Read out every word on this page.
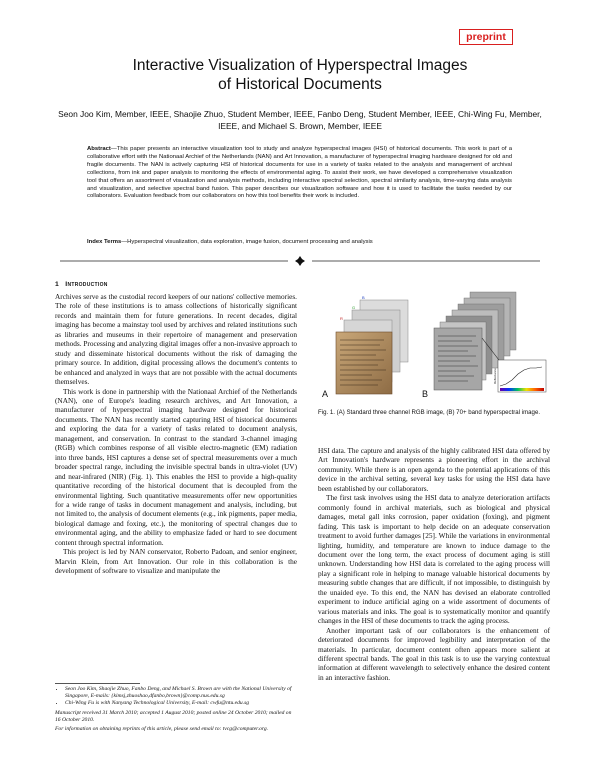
preprint
Interactive Visualization of Hyperspectral Images
of Historical Documents
Seon Joo Kim, Member, IEEE, Shaojie Zhuo, Student Member, IEEE, Fanbo Deng, Student Member, IEEE, Chi-Wing Fu, Member, IEEE, and Michael S. Brown, Member, IEEE
Abstract—This paper presents an interactive visualization tool to study and analyze hyperspectral images (HSI) of historical documents. This work is part of a collaborative effort with the Nationaal Archief of the Netherlands (NAN) and Art Innovation, a manufacturer of hyperspectral imaging hardware designed for old and fragile documents. The NAN is actively capturing HSI of historical documents for use in a variety of tasks related to the analysis and management of archival collections, from ink and paper analysis to monitoring the effects of environmental aging. To assist their work, we have developed a comprehensive visualization tool that offers an assortment of visualization and analysis methods, including interactive spectral selection, spectral similarity analysis, time-varying data analysis and visualization, and selective spectral band fusion. This paper describes our visualization software and how it is used to facilitate the tasks needed by our collaborators. Evaluation feedback from our collaborators on how this tool benefits their work is included.
Index Terms—Hyperspectral visualization, data exploration, image fusion, document processing and analysis
1 Introduction

Archives serve as the custodial record keepers of our nations' collective memories. The role of these institutions is to amass collections of historically significant records and maintain them for future generations. In recent decades, digital imaging has become a mainstay tool used by archives and related institutions such as libraries and museums in their repertoire of management and preservation methods. Processing and analyzing digital images offer a non-invasive approach to study and disseminate historical documents without the risk of damaging the primary source. In addition, digital processing allows the document's contents to be enhanced and analyzed in ways that are not possible with the actual documents themselves.

This work is done in partnership with the Nationaal Archief of the Netherlands (NAN), one of Europe's leading research archives, and Art Innovation, a manufacturer of hyperspectral imaging hardware designed for historical documents. The NAN has recently started capturing HSI of historical documents and exploring the data for a variety of tasks related to document analysis, management, and conservation. In contrast to the standard 3-channel imaging (RGB) which combines response of all visible electro-magnetic (EM) radiation into three bands, HSI captures a dense set of spectral measurements over a much broader spectral range, including the invisible spectral bands in ultra-violet (UV) and near-infrared (NIR) (Fig. 1). This enables the HSI to provide a high-quality quantitative recording of the historical document that is decoupled from the environmental lighting. Such quantitative measurements offer new opportunities for a wide range of tasks in document management and analysis, including, but not limited to, the analysis of document elements (e.g., ink pigments, paper media, biological damage and foxing, etc.), the monitoring of spectral changes due to environmental aging, and the ability to emphasize faded or hard to see document content through spectral information.

This project is led by NAN conservator, Roberto Padoan, and senior engineer, Marvin Klein, from Art Innovation. Our role in this collaboration is the development of software to visualize and manipulate the

• Seon Joo Kim, Shaojie Zhuo, Fanbo Deng, and Michael S. Brown are with the National University of Singapore, E-mails: {kimsj,zhuoshao,dfanbo,brown}@comp.nus.edu.sg
• Chi-Wing Fu is with Nanyang Technological University, E-mail: cwfu@ntu.edu.sg

Manuscript received 31 March 2010; accepted 1 August 2010; posted online 24 October 2010; mailed on 16 October 2010.

For information on obtaining reprints of this article, please send email to: tvcg@computer.org.

G
R
B
A	B
Reflectance
Fig. 1. (A) Standard three channel RGB image, (B) 70+ band hyperspectral image.

HSI data. The capture and analysis of the highly calibrated HSI data offered by Art Innovation's hardware represents a pioneering effort in the archival community. While there is an open agenda to the potential applications of this device in the archival setting, several key tasks for using the HSI data have been established by our collaborators.

The first task involves using the HSI data to analyze deterioration artifacts commonly found in archival materials, such as biological and physical damages, metal gall inks corrosion, paper oxidation (foxing), and pigment fading. This task is important to help decide on an adequate conservation treatment to avoid further damages [25]. While the variations in environmental lighting, humidity, and temperature are known to induce damage to the document over the long term, the exact process of document aging is still unknown. Understanding how HSI data is correlated to the aging process will play a significant role in helping to manage valuable historical documents by measuring subtle changes that are difficult, if not impossible, to distinguish by the unaided eye. To this end, the NAN has devised an elaborate controlled experiment to induce artificial aging on a wide assortment of documents of various materials and inks. The goal is to systematically monitor and quantify changes in the HSI of these documents to track the aging process.

Another important task of our collaborators is the enhancement of deteriorated documents for improved legibility and interpretation of the materials. In particular, document content often appears more salient at different spectral bands. The goal in this task is to use the varying contextual information at different wavelength to selectively enhance the desired content in an interactive fashion.
